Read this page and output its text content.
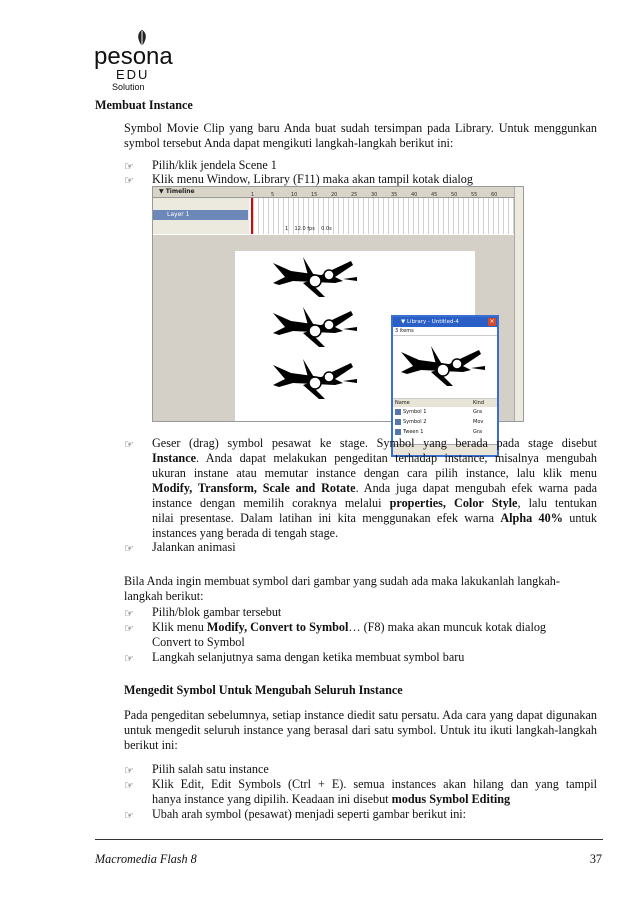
pesona
EDU
Solution
Membuat Instance
Symbol Movie Clip yang baru Anda buat sudah tersimpan pada Library. Untuk menggunkan symbol tersebut Anda dapat mengikuti langkah-langkah berikut ini:
☞ Pilih/klik jendela Scene 1
☞ Klik menu Window, Library (F11) maka akan tampil kotak dialog
▼ Timeline	1	5	10	15	20	25	30	35	40	45	50	55	60
Layer 1
1 12.0 fps 0.0s
▼ Library - Untitled-4	×
3 items
Name	Kind
Symbol 1	Gra
Symbol 2	Mov
Tween 1	Gra
☞ Geser (drag) symbol pesawat ke stage. Symbol yang berada pada stage disebut
Instance. Anda dapat melakukan pengeditan terhadap instance, misalnya mengubah
ukuran instane atau memutar instance dengan cara pilih instance, lalu klik menu
Modify, Transform, Scale and Rotate. Anda juga dapat mengubah efek warna pada
instance dengan memilih coraknya melalui properties, Color Style, lalu tentukan
nilai presentase. Dalam latihan ini kita menggunakan efek warna Alpha 40% untuk
instances yang berada di tengah stage.
☞ Jalankan animasi
Bila Anda ingin membuat symbol dari gambar yang sudah ada maka lakukanlah langkah-langkah berikut:
☞ Pilih/blok gambar tersebut
☞ Klik menu Modify, Convert to Symbol… (F8) maka akan muncuk kotak dialog
Convert to Symbol
☞ Langkah selanjutnya sama dengan ketika membuat symbol baru
Mengedit Symbol Untuk Mengubah Seluruh Instance
Pada pengeditan sebelumnya, setiap instance diedit satu persatu. Ada cara yang dapat digunakan untuk mengedit seluruh instance yang berasal dari satu symbol. Untuk itu ikuti langkah-langkah berikut ini:
☞ Pilih salah satu instance
☞ Klik Edit, Edit Symbols (Ctrl + E). semua instances akan hilang dan yang tampil
hanya instance yang dipilih. Keadaan ini disebut modus Symbol Editing
☞ Ubah arah symbol (pesawat) menjadi seperti gambar berikut ini:
Macromedia Flash 8	37
